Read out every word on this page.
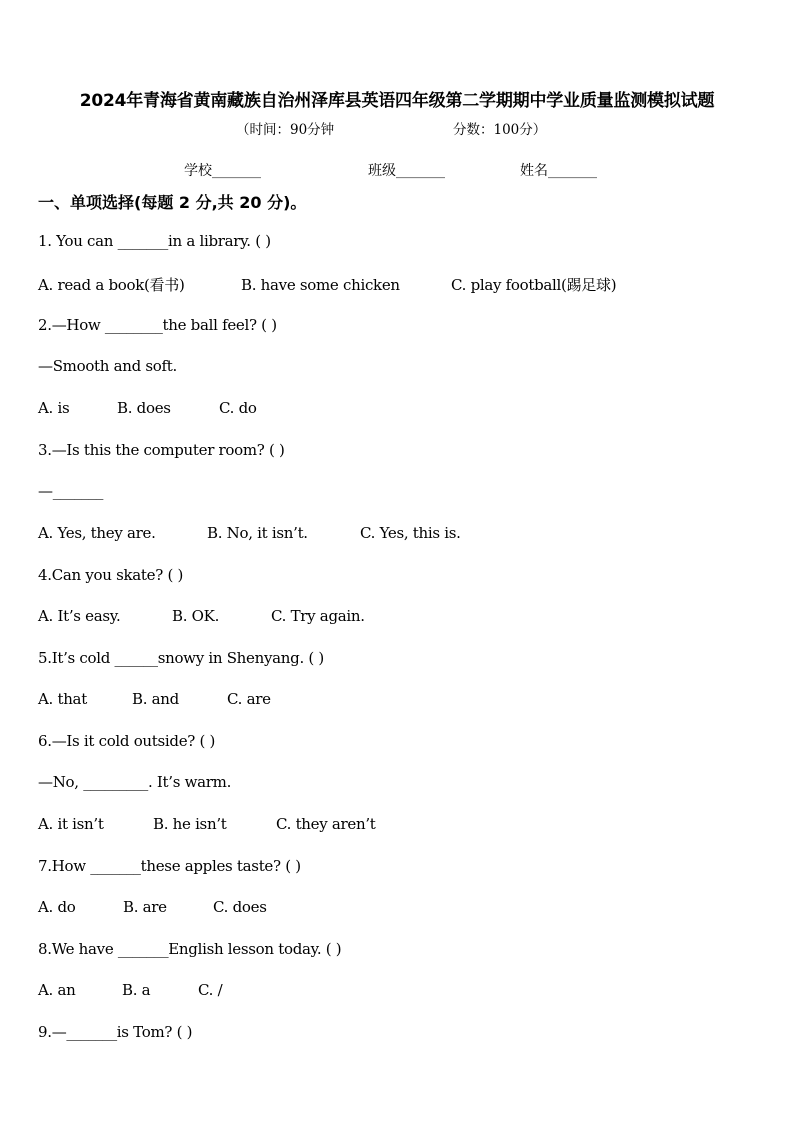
2024年青海省黄南藏族自治州泽库县英语四年级第二学期期中学业质量监测模拟试题
（时间：90分钟	分数：100分）
学校_______	班级_______	姓名_______
一、单项选择(每题 2 分,共 20 分)。
1. You can _______in a library. ( )
A. read a book(看书)	B. have some chicken	C. play football(踢足球)
2.—How ________the ball feel? ( )
—Smooth and soft.
A. is	B. does	C. do
3.—Is this the computer room? ( )
—_______
A. Yes, they are.	B. No, it isn’t.	C. Yes, this is.
4.Can you skate? ( )
A. It’s easy.	B. OK.	C. Try again.
5.It’s cold ______snowy in Shenyang. ( )
A. that	B. and	C. are
6.—Is it cold outside? ( )
—No, _________. It’s warm.
A. it isn’t	B. he isn’t	C. they aren’t
7.How _______these apples taste? ( )
A. do	B. are	C. does
8.We have _______English lesson today. ( )
A. an	B. a	C. /
9.—_______is Tom? ( )
